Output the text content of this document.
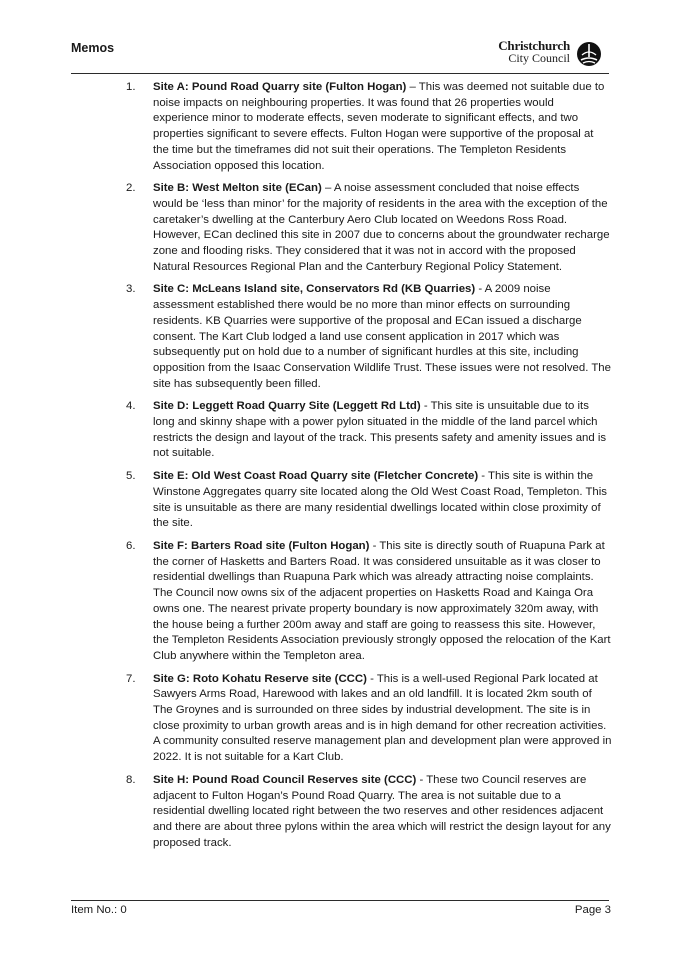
Memos	Christchurch
City Council
1. Site A: Pound Road Quarry site (Fulton Hogan) – This was deemed not suitable due to noise impacts on neighbouring properties. It was found that 26 properties would experience minor to moderate effects, seven moderate to significant effects, and two properties significant to severe effects. Fulton Hogan were supportive of the proposal at the time but the timeframes did not suit their operations. The Templeton Residents Association opposed this location.
2. Site B: West Melton site (ECan) – A noise assessment concluded that noise effects would be ‘less than minor’ for the majority of residents in the area with the exception of the caretaker’s dwelling at the Canterbury Aero Club located on Weedons Ross Road. However, ECan declined this site in 2007 due to concerns about the groundwater recharge zone and flooding risks. They considered that it was not in accord with the proposed Natural Resources Regional Plan and the Canterbury Regional Policy Statement.
3. Site C: McLeans Island site, Conservators Rd (KB Quarries) - A 2009 noise assessment established there would be no more than minor effects on surrounding residents. KB Quarries were supportive of the proposal and ECan issued a discharge consent. The Kart Club lodged a land use consent application in 2017 which was subsequently put on hold due to a number of significant hurdles at this site, including opposition from the Isaac Conservation Wildlife Trust. These issues were not resolved. The site has subsequently been filled.
4. Site D: Leggett Road Quarry Site (Leggett Rd Ltd) - This site is unsuitable due to its long and skinny shape with a power pylon situated in the middle of the land parcel which restricts the design and layout of the track. This presents safety and amenity issues and is not suitable.
5. Site E: Old West Coast Road Quarry site (Fletcher Concrete) - This site is within the Winstone Aggregates quarry site located along the Old West Coast Road, Templeton. This site is unsuitable as there are many residential dwellings located within close proximity of the site.
6. Site F: Barters Road site (Fulton Hogan) - This site is directly south of Ruapuna Park at the corner of Hasketts and Barters Road. It was considered unsuitable as it was closer to residential dwellings than Ruapuna Park which was already attracting noise complaints. The Council now owns six of the adjacent properties on Hasketts Road and Kainga Ora owns one. The nearest private property boundary is now approximately 320m away, with the house being a further 200m away and staff are going to reassess this site. However, the Templeton Residents Association previously strongly opposed the relocation of the Kart Club anywhere within the Templeton area.
7. Site G: Roto Kohatu Reserve site (CCC) - This is a well-used Regional Park located at Sawyers Arms Road, Harewood with lakes and an old landfill. It is located 2km south of The Groynes and is surrounded on three sides by industrial development. The site is in close proximity to urban growth areas and is in high demand for other recreation activities. A community consulted reserve management plan and development plan were approved in 2022. It is not suitable for a Kart Club.
8. Site H: Pound Road Council Reserves site (CCC) - These two Council reserves are adjacent to Fulton Hogan’s Pound Road Quarry. The area is not suitable due to a residential dwelling located right between the two reserves and other residences adjacent and there are about three pylons within the area which will restrict the design layout for any proposed track.
Item No.: 0	Page 3
